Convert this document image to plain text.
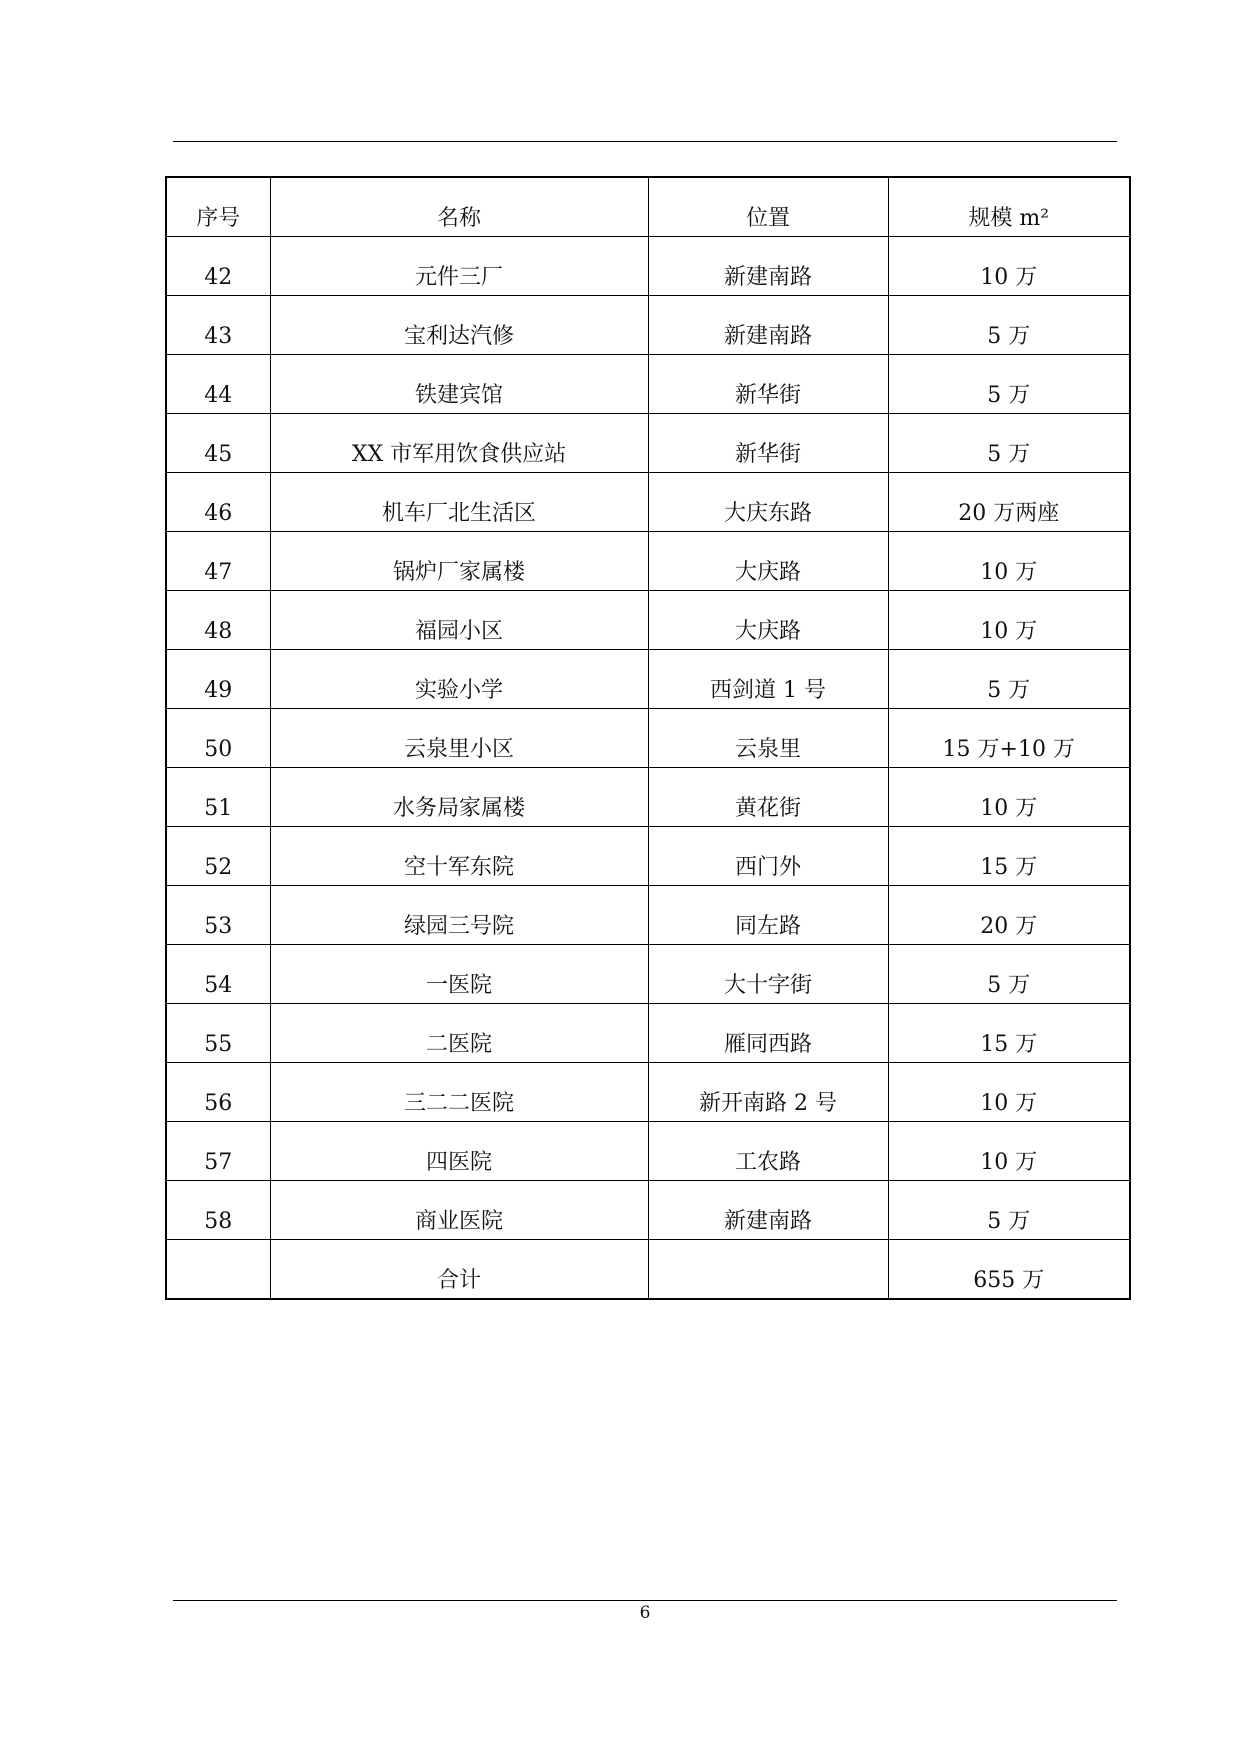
序号	名称	位置	规模 m²
42	元件三厂	新建南路	10 万
43	宝利达汽修	新建南路	5 万
44	铁建宾馆	新华街	5 万
45	XX 市军用饮食供应站	新华街	5 万
46	机车厂北生活区	大庆东路	20 万两座
47	锅炉厂家属楼	大庆路	10 万
48	福园小区	大庆路	10 万
49	实验小学	西剑道 1 号	5 万
50	云泉里小区	云泉里	15 万+10 万
51	水务局家属楼	黄花街	10 万
52	空十军东院	西门外	15 万
53	绿园三号院	同左路	20 万
54	一医院	大十字街	5 万
55	二医院	雁同西路	15 万
56	三二二医院	新开南路 2 号	10 万
57	四医院	工农路	10 万
58	商业医院	新建南路	5 万
	合计		655 万
6
